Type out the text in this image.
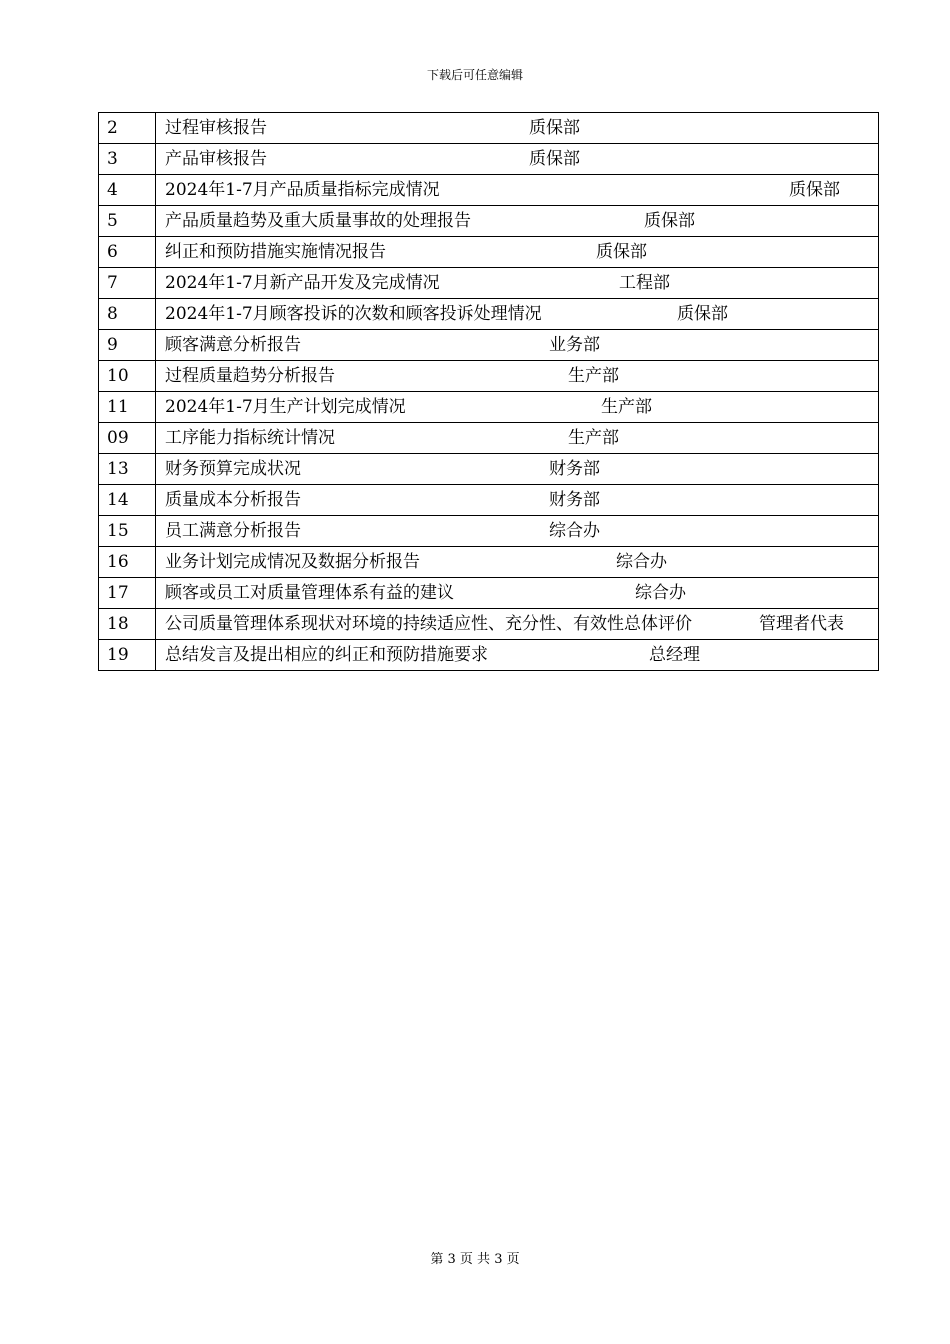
下载后可任意编辑
2	过程审核报告 质保部

3	产品审核报告 质保部

4	2024年1-7月产品质量指标完成情况 质保部

5	产品质量趋势及重大质量事故的处理报告 质保部

6	纠正和预防措施实施情况报告 质保部

7	2024年1-7月新产品开发及完成情况 工程部

8	2024年1-7月顾客投诉的次数和顾客投诉处理情况 质保部

9	顾客满意分析报告 业务部

10	过程质量趋势分析报告 生产部

11	2024年1-7月生产计划完成情况 生产部

09	工序能力指标统计情况 生产部

13	财务预算完成状况 财务部

14	质量成本分析报告 财务部

15	员工满意分析报告 综合办

16	业务计划完成情况及数据分析报告 综合办

17	顾客或员工对质量管理体系有益的建议 综合办

18	公司质量管理体系现状对环境的持续适应性、充分性、有效性总体评价 管理者代表

19	总结发言及提出相应的纠正和预防措施要求 总经理
第 3 页 共 3 页
